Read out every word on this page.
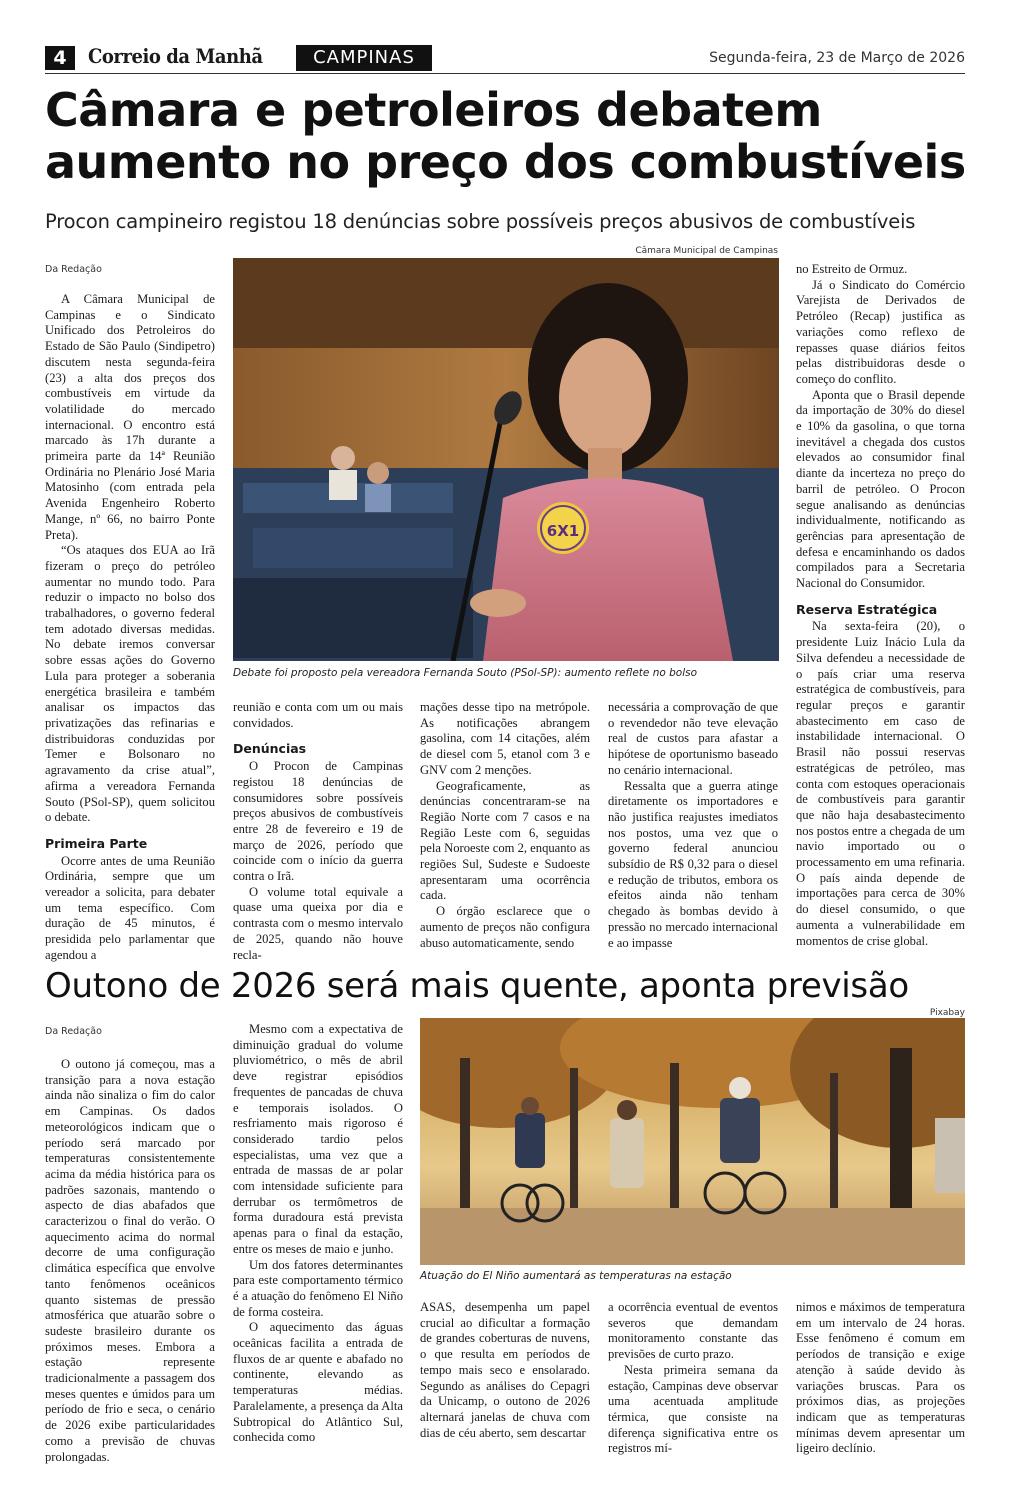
4	Correio da Manhã	CAMPINAS	Segunda-feira, 23 de Março de 2026
Câmara e petroleiros debatem aumento no preço dos combustíveis
Procon campineiro registou 18 denúncias sobre possíveis preços abusivos de combustíveis
Câmara Municipal de Campinas
Da Redação
6X1
Debate foi proposto pela vereadora Fernanda Souto (PSol-SP): aumento reflete no bolso

A Câmara Municipal de Campinas e o Sindicato Unificado dos Petroleiros do Estado de São Paulo (Sindipetro) discutem nesta segunda-feira (23) a alta dos preços dos combustíveis em virtude da volatilidade do mercado internacional. O encontro está marcado às 17h durante a primeira parte da 14ª Reunião Ordinária no Plenário José Maria Matosinho (com entrada pela Avenida Engenheiro Roberto Mange, nº 66, no bairro Ponte Preta).

“Os ataques dos EUA ao Irã fizeram o preço do petróleo aumentar no mundo todo. Para reduzir o impacto no bolso dos trabalhadores, o governo federal tem adotado diversas medidas. No debate iremos conversar sobre essas ações do Governo Lula para proteger a soberania energética brasileira e também analisar os impactos das privatizações das refinarias e distribuidoras conduzidas por Temer e Bolsonaro no agravamento da crise atual”, afirma a vereadora Fernanda Souto (PSol-SP), quem solicitou o debate.

Primeira Parte

Ocorre antes de uma Reunião Ordinária, sempre que um vereador a solicita, para debater um tema específico. Com duração de 45 minutos, é presidida pelo parlamentar que agendou a

reunião e conta com um ou mais convidados.

Denúncias

O Procon de Campinas registou 18 denúncias de consumidores sobre possíveis preços abusivos de combustíveis entre 28 de fevereiro e 19 de março de 2026, período que coincide com o início da guerra contra o Irã.

O volume total equivale a quase uma queixa por dia e contrasta com o mesmo intervalo de 2025, quando não houve recla-

mações desse tipo na metrópole. As notificações abrangem gasolina, com 14 citações, além de diesel com 5, etanol com 3 e GNV com 2 menções.

Geograficamente, as denúncias concentraram-se na Região Norte com 7 casos e na Região Leste com 6, seguidas pela Noroeste com 2, enquanto as regiões Sul, Sudeste e Sudoeste apresentaram uma ocorrência cada.

O órgão esclarece que o aumento de preços não configura abuso automaticamente, sendo

necessária a comprovação de que o revendedor não teve elevação real de custos para afastar a hipótese de oportunismo baseado no cenário internacional.

Ressalta que a guerra atinge diretamente os importadores e não justifica reajustes imediatos nos postos, uma vez que o governo federal anunciou subsídio de R$ 0,32 para o diesel e redução de tributos, embora os efeitos ainda não tenham chegado às bombas devido à pressão no mercado internacional e ao impasse

no Estreito de Ormuz.

Já o Sindicato do Comércio Varejista de Derivados de Petróleo (Recap) justifica as variações como reflexo de repasses quase diários feitos pelas distribuidoras desde o começo do conflito.

Aponta que o Brasil depende da importação de 30% do diesel e 10% da gasolina, o que torna inevitável a chegada dos custos elevados ao consumidor final diante da incerteza no preço do barril de petróleo. O Procon segue analisando as denúncias individualmente, notificando as gerências para apresentação de defesa e encaminhando os dados compilados para a Secretaria Nacional do Consumidor.

Reserva Estratégica

Na sexta-feira (20), o presidente Luiz Inácio Lula da Silva defendeu a necessidade de o país criar uma reserva estratégica de combustíveis, para regular preços e garantir abastecimento em caso de instabilidade internacional. O Brasil não possui reservas estratégicas de petróleo, mas conta com estoques operacionais de combustíveis para garantir que não haja desabastecimento nos postos entre a chegada de um navio importado ou o processamento em uma refinaria. O país ainda depende de importações para cerca de 30% do diesel consumido, o que aumenta a vulnerabilidade em momentos de crise global.

Outono de 2026 será mais quente, aponta previsão
Pixabay
Da Redação
Atuação do El Niño aumentará as temperaturas na estação

O outono já começou, mas a transição para a nova estação ainda não sinaliza o fim do calor em Campinas. Os dados meteorológicos indicam que o período será marcado por temperaturas consistentemente acima da média histórica para os padrões sazonais, mantendo o aspecto de dias abafados que caracterizou o final do verão. O aquecimento acima do normal decorre de uma configuração climática específica que envolve tanto fenômenos oceânicos quanto sistemas de pressão atmosférica que atuarão sobre o sudeste brasileiro durante os próximos meses. Embora a estação represente tradicionalmente a passagem dos meses quentes e úmidos para um período de frio e seca, o cenário de 2026 exibe particularidades como a previsão de chuvas prolongadas.

Mesmo com a expectativa de diminuição gradual do volume pluviométrico, o mês de abril deve registrar episódios frequentes de pancadas de chuva e temporais isolados. O resfriamento mais rigoroso é considerado tardio pelos especialistas, uma vez que a entrada de massas de ar polar com intensidade suficiente para derrubar os termômetros de forma duradoura está prevista apenas para o final da estação, entre os meses de maio e junho.

Um dos fatores determinantes para este comportamento térmico é a atuação do fenômeno El Niño de forma costeira.

O aquecimento das águas oceânicas facilita a entrada de fluxos de ar quente e abafado no continente, elevando as temperaturas médias. Paralelamente, a presença da Alta Subtropical do Atlântico Sul, conhecida como

ASAS, desempenha um papel crucial ao dificultar a formação de grandes coberturas de nuvens, o que resulta em períodos de tempo mais seco e ensolarado. Segundo as análises do Cepagri da Unicamp, o outono de 2026 alternará janelas de chuva com dias de céu aberto, sem descartar

a ocorrência eventual de eventos severos que demandam monitoramento constante das previsões de curto prazo.

Nesta primeira semana da estação, Campinas deve observar uma acentuada amplitude térmica, que consiste na diferença significativa entre os registros mí-

nimos e máximos de temperatura em um intervalo de 24 horas. Esse fenômeno é comum em períodos de transição e exige atenção à saúde devido às variações bruscas. Para os próximos dias, as projeções indicam que as temperaturas mínimas devem apresentar um ligeiro declínio.
